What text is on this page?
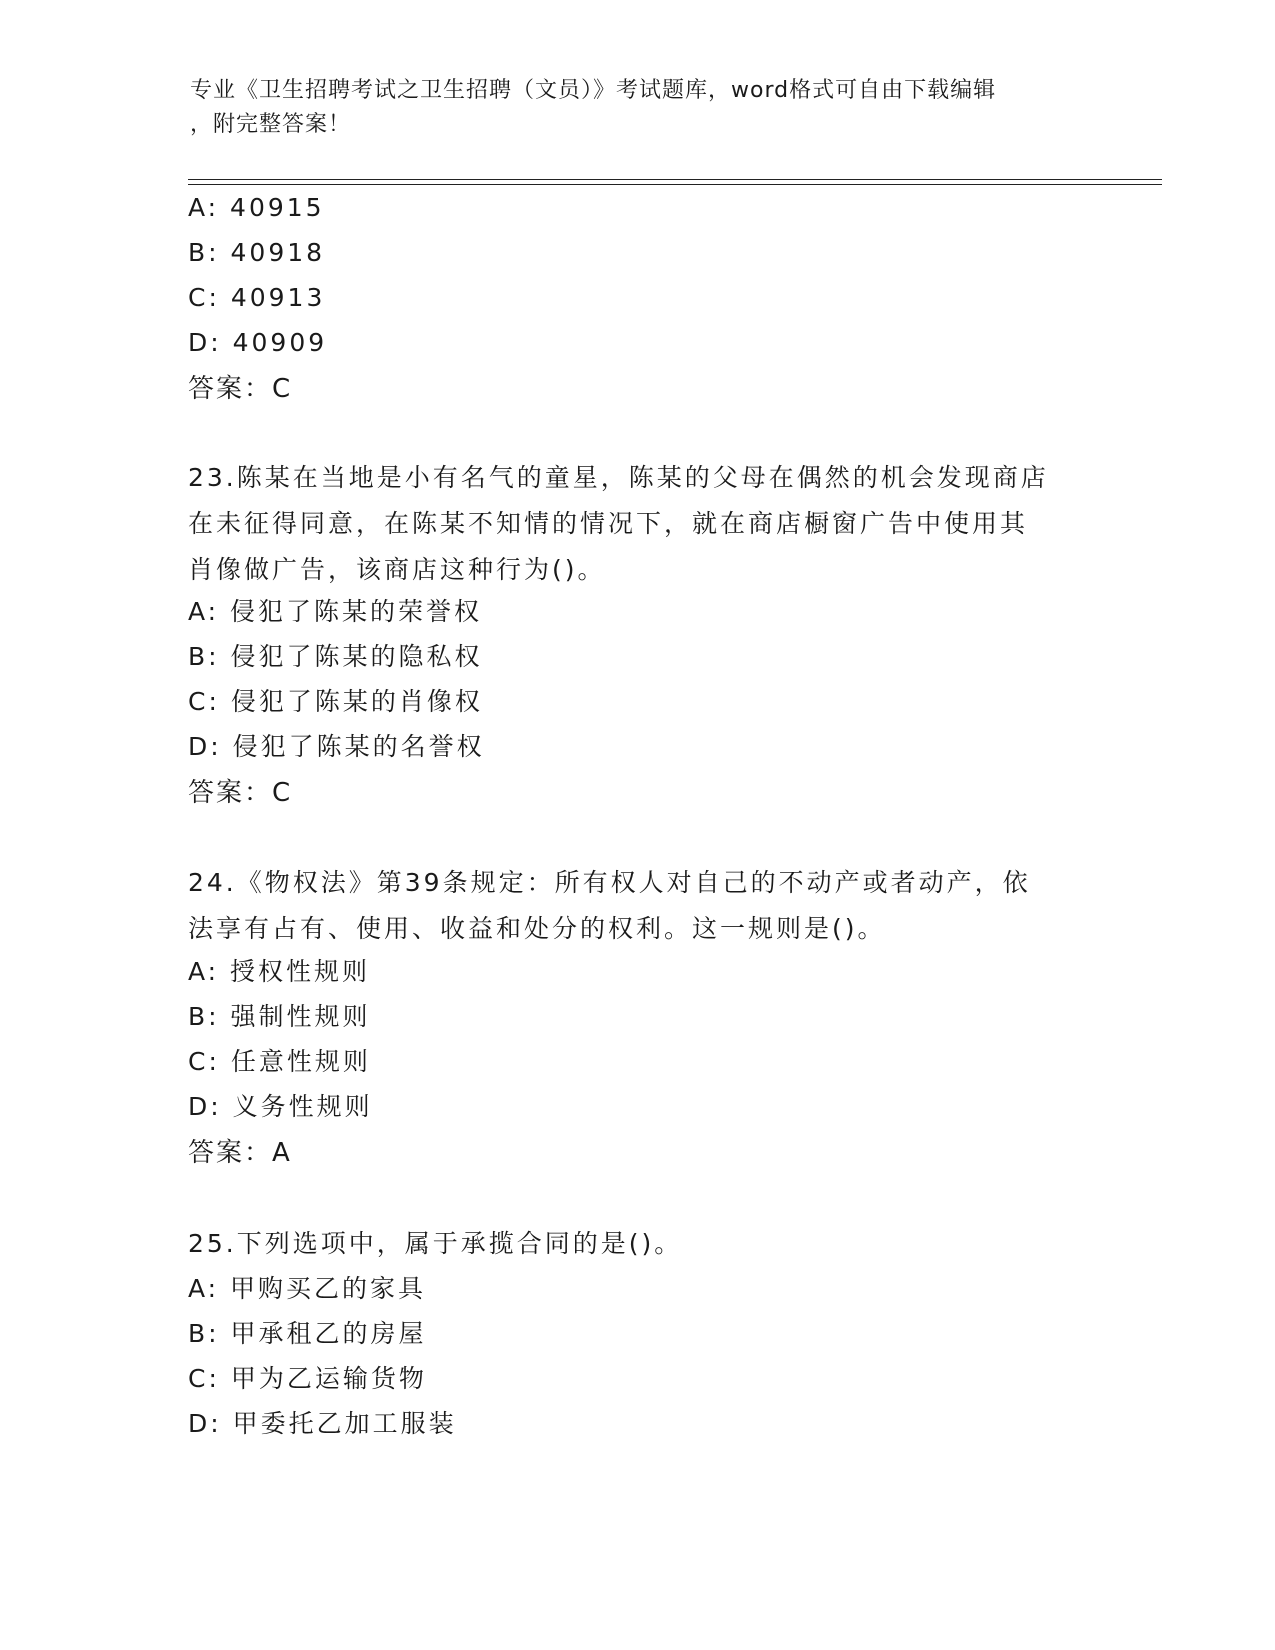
专业《卫生招聘考试之卫生招聘（文员）》考试题库，word格式可自由下载编辑

，附完整答案！

A: 40915
B: 40918
C: 40913
D: 40909
答案：C
23.陈某在当地是小有名气的童星，陈某的父母在偶然的机会发现商店
在未征得同意，在陈某不知情的情况下，就在商店橱窗广告中使用其
肖像做广告，该商店这种行为()。
A: 侵犯了陈某的荣誉权
B: 侵犯了陈某的隐私权
C: 侵犯了陈某的肖像权
D: 侵犯了陈某的名誉权
答案：C
24.《物权法》第39条规定：所有权人对自己的不动产或者动产，依
法享有占有、使用、收益和处分的权利。这一规则是()。
A: 授权性规则
B: 强制性规则
C: 任意性规则
D: 义务性规则
答案：A
25.下列选项中，属于承揽合同的是()。
A: 甲购买乙的家具
B: 甲承租乙的房屋
C: 甲为乙运输货物
D: 甲委托乙加工服装
